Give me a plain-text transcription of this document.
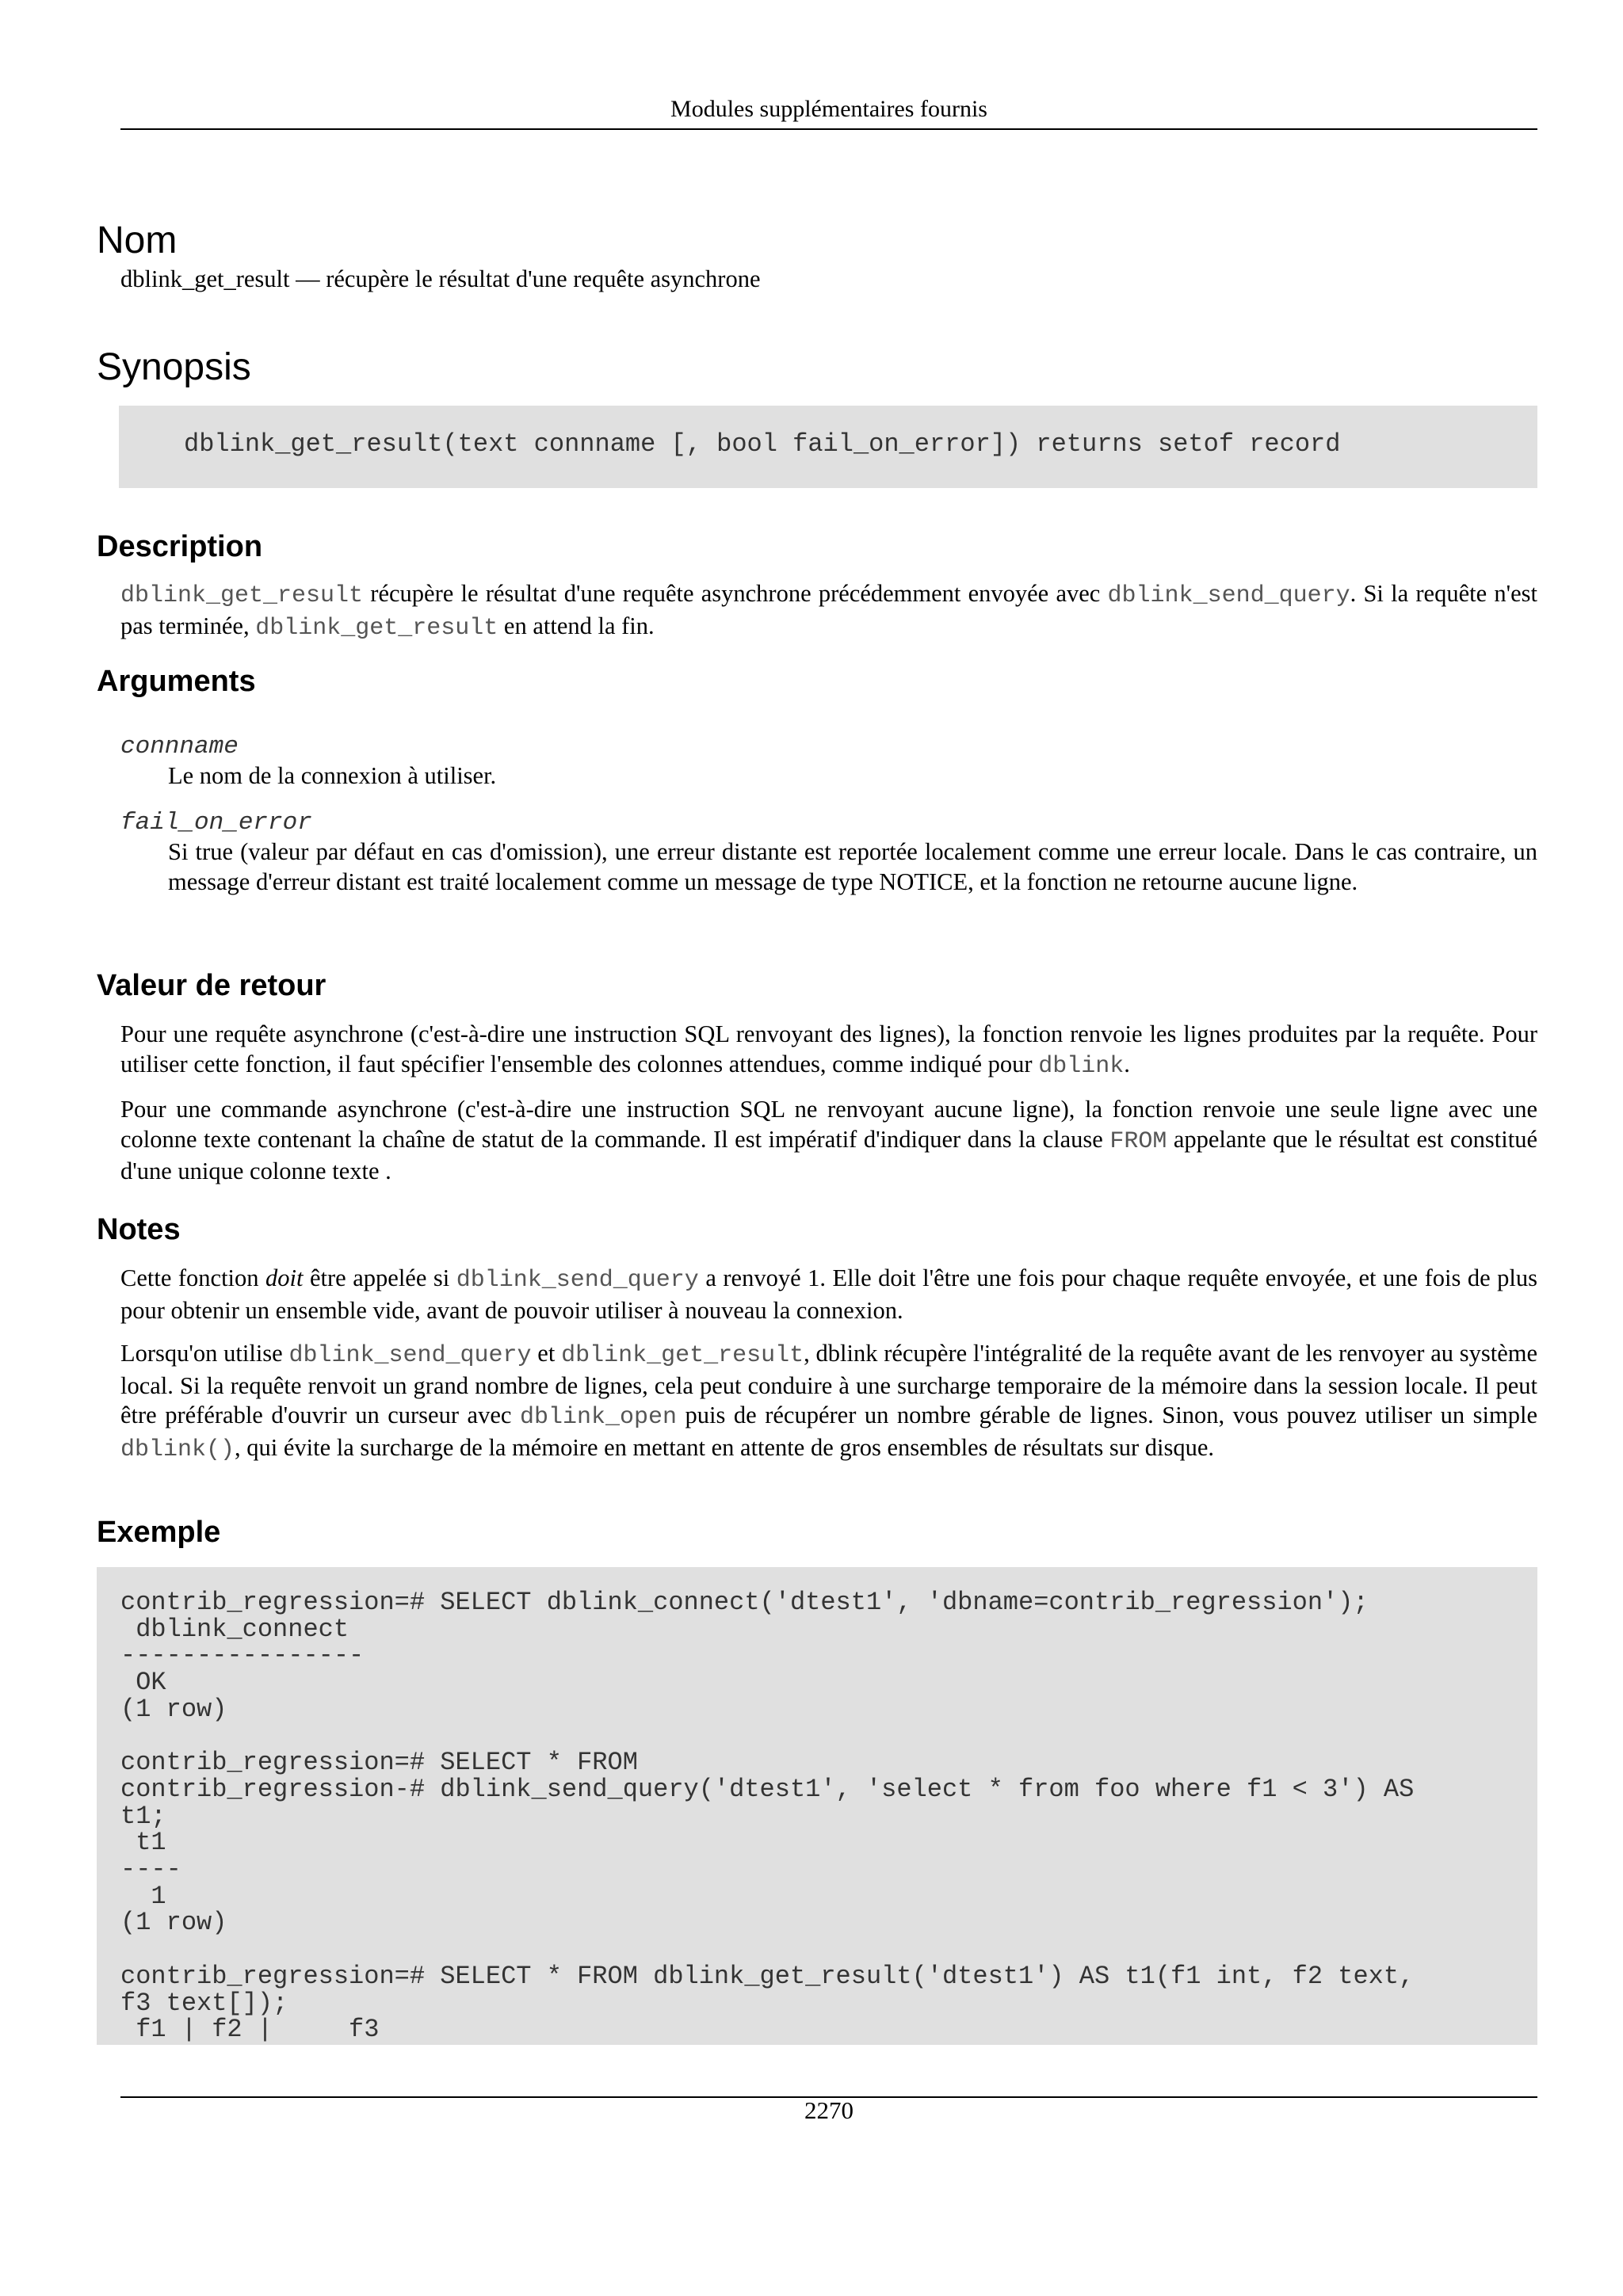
Modules supplémentaires fournis
Nom

dblink_get_result — récupère le résultat d'une requête asynchrone

Synopsis
dblink_get_result(text connname [, bool fail_on_error]) returns setof record
Description

dblink_get_result récupère le résultat d'une requête asynchrone précédemment envoyée avec dblink_send_query. Si la requête n'est pas terminée, dblink_get_result en attend la fin.

Arguments
connname

Le nom de la connexion à utiliser.

fail_on_error

Si true (valeur par défaut en cas d'omission), une erreur distante est reportée localement comme une erreur locale. Dans le cas contraire, un message d'erreur distant est traité localement comme un message de type NOTICE, et la fonction ne retourne aucune ligne.

Valeur de retour

Pour une requête asynchrone (c'est-à-dire une instruction SQL renvoyant des lignes), la fonction renvoie les lignes produites par la requête. Pour utiliser cette fonction, il faut spécifier l'ensemble des colonnes attendues, comme indiqué pour dblink.

Pour une commande asynchrone (c'est-à-dire une instruction SQL ne renvoyant aucune ligne), la fonction renvoie une seule ligne avec une colonne texte contenant la chaîne de statut de la commande. Il est impératif d'indiquer dans la clause FROM appelante que le résultat est constitué d'une unique colonne texte .

Notes

Cette fonction doit être appelée si dblink_send_query a renvoyé 1. Elle doit l'être une fois pour chaque requête envoyée, et une fois de plus pour obtenir un ensemble vide, avant de pouvoir utiliser à nouveau la connexion.

Lorsqu'on utilise dblink_send_query et dblink_get_result, dblink récupère l'intégralité de la requête avant de les renvoyer au système local. Si la requête renvoit un grand nombre de lignes, cela peut conduire à une surcharge temporaire de la mémoire dans la session locale. Il peut être préférable d'ouvrir un curseur avec dblink_open puis de récupérer un nombre gérable de lignes. Sinon, vous pouvez utiliser un simple dblink(), qui évite la surcharge de la mémoire en mettant en attente de gros ensembles de résultats sur disque.

Exemple
contrib_regression=# SELECT dblink_connect('dtest1', 'dbname=contrib_regression');
dblink_connect
----------------
OK
(1 row)

contrib_regression=# SELECT * FROM
contrib_regression-# dblink_send_query('dtest1', 'select * from foo where f1 < 3') AS
t1;
t1
----
1
(1 row)

contrib_regression=# SELECT * FROM dblink_get_result('dtest1') AS t1(f1 int, f2 text,
f3 text[]);
f1 | f2 |     f3
2270
